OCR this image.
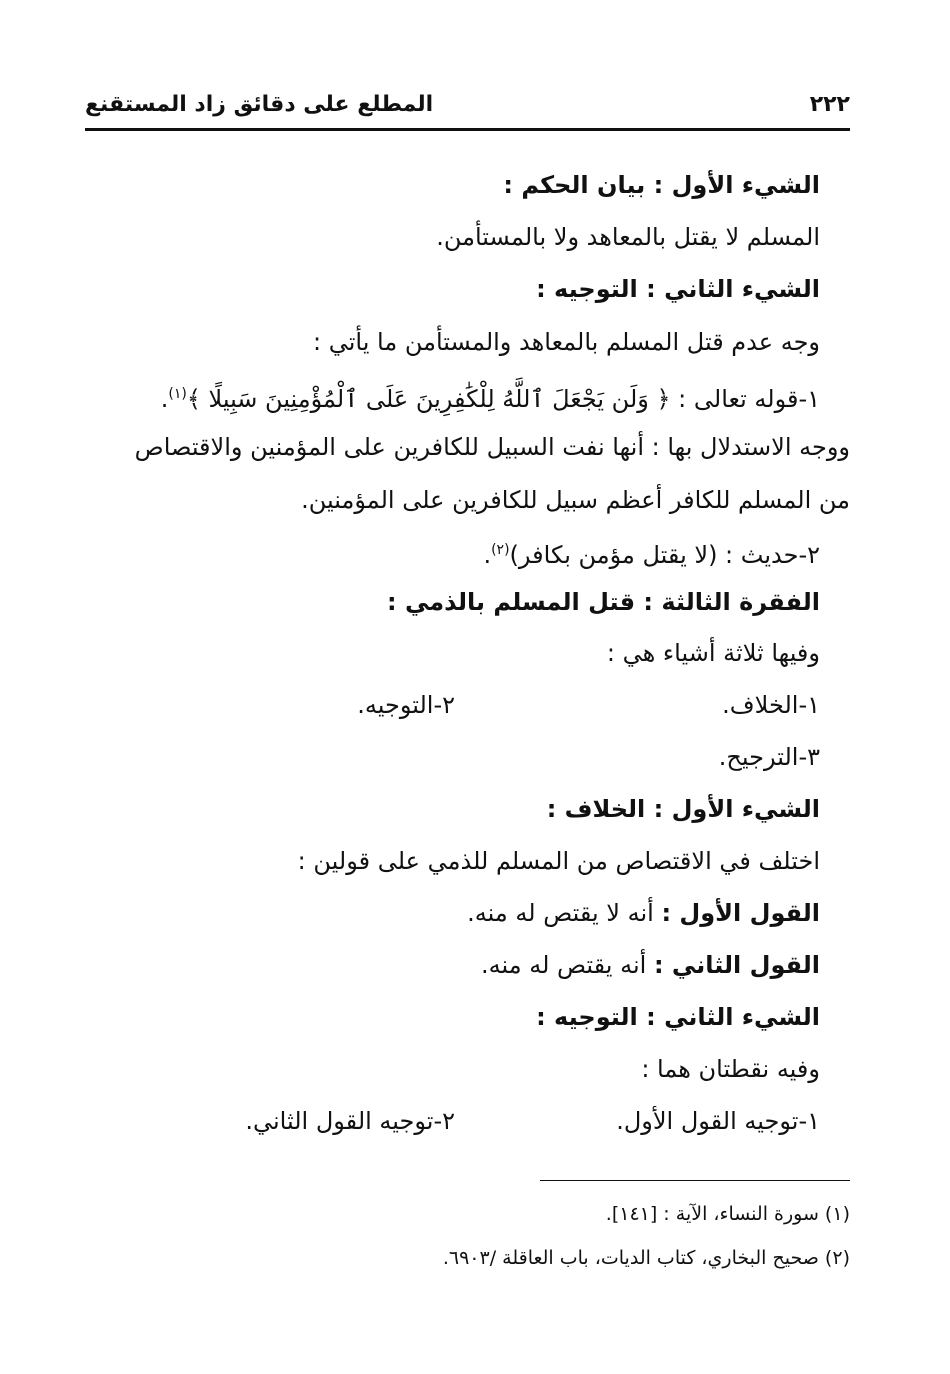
المطلع على دقائق زاد المستقنع	٢٢٢
الشيء الأول : بيان الحكم :
المسلم لا يقتل بالمعاهد ولا بالمستأمن.
الشيء الثاني : التوجيه :
وجه عدم قتل المسلم بالمعاهد والمستأمن ما يأتي :
١-قوله تعالى : ﴿ وَلَن يَجْعَلَ ٱللَّهُ لِلْكَٰفِرِينَ عَلَى ٱلْمُؤْمِنِينَ سَبِيلًا ﴾$^{(١)}$.
ووجه الاستدلال بها : أنها نفت السبيل للكافرين على المؤمنين والاقتصاص
من المسلم للكافر أعظم سبيل للكافرين على المؤمنين.
٢-حديث : (لا يقتل مؤمن بكافر)$^{(٢)}$.
الفقرة الثالثة : قتل المسلم بالذمي :
وفيها ثلاثة أشياء هي :
١-الخلاف.
٢-التوجيه.
٣-الترجيح.
الشيء الأول : الخلاف :
اختلف في الاقتصاص من المسلم للذمي على قولين :
القول الأول : أنه لا يقتص له منه.
القول الثاني : أنه يقتص له منه.
الشيء الثاني : التوجيه :
وفيه نقطتان هما :
١-توجيه القول الأول.
٢-توجيه القول الثاني.
(١) سورة النساء، الآية : [١٤١].
(٢) صحيح البخاري، كتاب الديات، باب العاقلة /٦٩٠٣.
